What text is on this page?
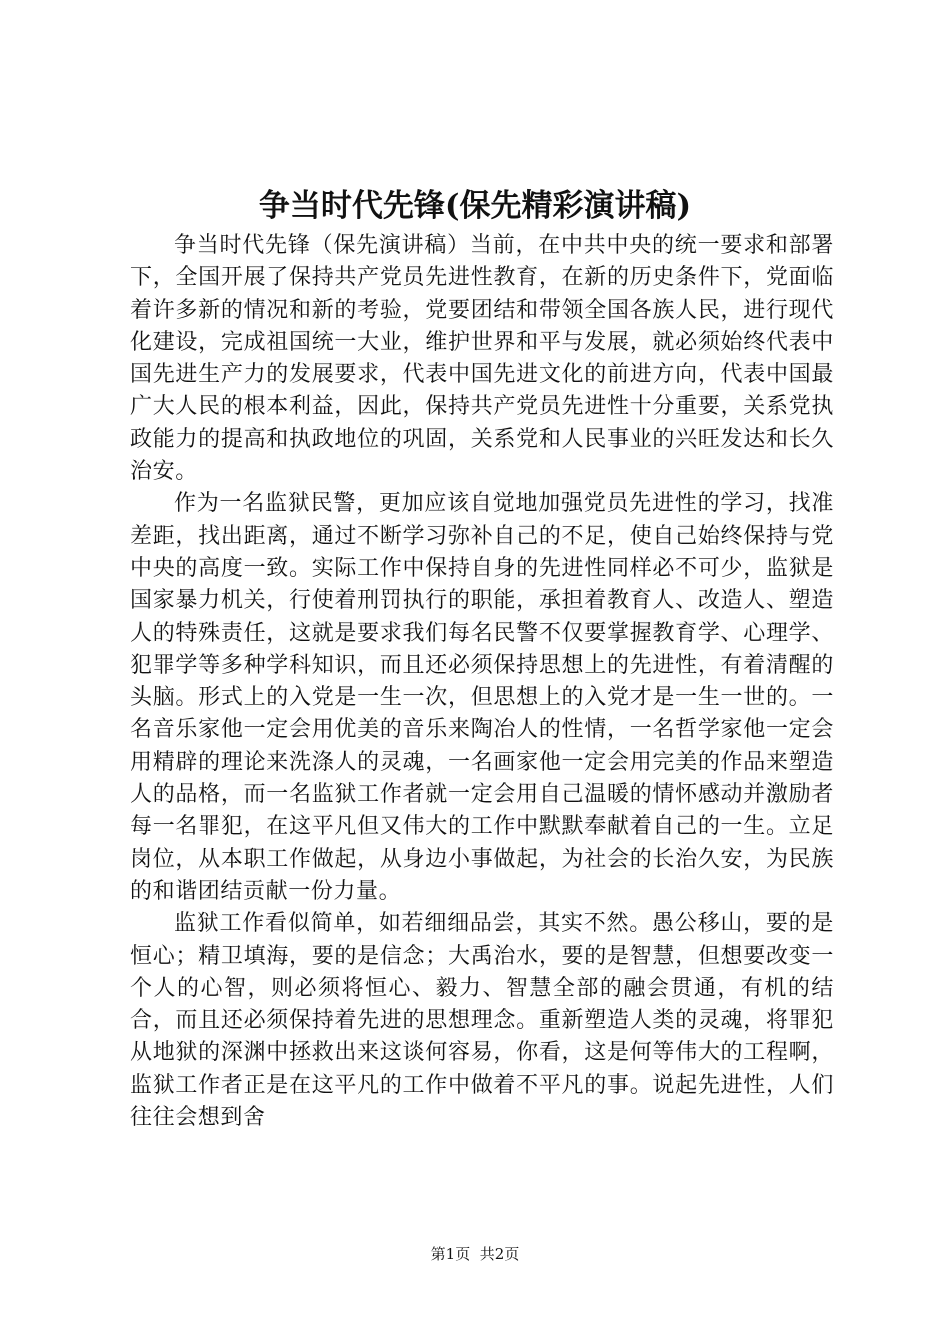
争当时代先锋(保先精彩演讲稿)

争当时代先锋（保先演讲稿）当前，在中共中央的统一要求和部署下，全国开展了保持共产党员先进性教育，在新的历史条件下，党面临着许多新的情况和新的考验，党要团结和带领全国各族人民，进行现代化建设，完成祖国统一大业，维护世界和平与发展，就必须始终代表中国先进生产力的发展要求，代表中国先进文化的前进方向，代表中国最广大人民的根本利益，因此，保持共产党员先进性十分重要，关系党执政能力的提高和执政地位的巩固，关系党和人民事业的兴旺发达和长久治安。

作为一名监狱民警，更加应该自觉地加强党员先进性的学习，找准差距，找出距离，通过不断学习弥补自己的不足，使自己始终保持与党中央的高度一致。实际工作中保持自身的先进性同样必不可少，监狱是国家暴力机关，行使着刑罚执行的职能，承担着教育人、改造人、塑造人的特殊责任，这就是要求我们每名民警不仅要掌握教育学、心理学、犯罪学等多种学科知识，而且还必须保持思想上的先进性，有着清醒的头脑。形式上的入党是一生一次，但思想上的入党才是一生一世的。一名音乐家他一定会用优美的音乐来陶冶人的性情，一名哲学家他一定会用精辟的理论来洗涤人的灵魂，一名画家他一定会用完美的作品来塑造人的品格，而一名监狱工作者就一定会用自己温暖的情怀感动并激励者每一名罪犯，在这平凡但又伟大的工作中默默奉献着自己的一生。立足岗位，从本职工作做起，从身边小事做起，为社会的长治久安，为民族的和谐团结贡献一份力量。

监狱工作看似简单，如若细细品尝，其实不然。愚公移山，要的是恒心；精卫填海，要的是信念；大禹治水，要的是智慧，但想要改变一个人的心智，则必须将恒心、毅力、智慧全部的融会贯通，有机的结合，而且还必须保持着先进的思想理念。重新塑造人类的灵魂，将罪犯从地狱的深渊中拯救出来这谈何容易，你看，这是何等伟大的工程啊，监狱工作者正是在这平凡的工作中做着不平凡的事。说起先进性，人们往往会想到舍

第1页  共2页
